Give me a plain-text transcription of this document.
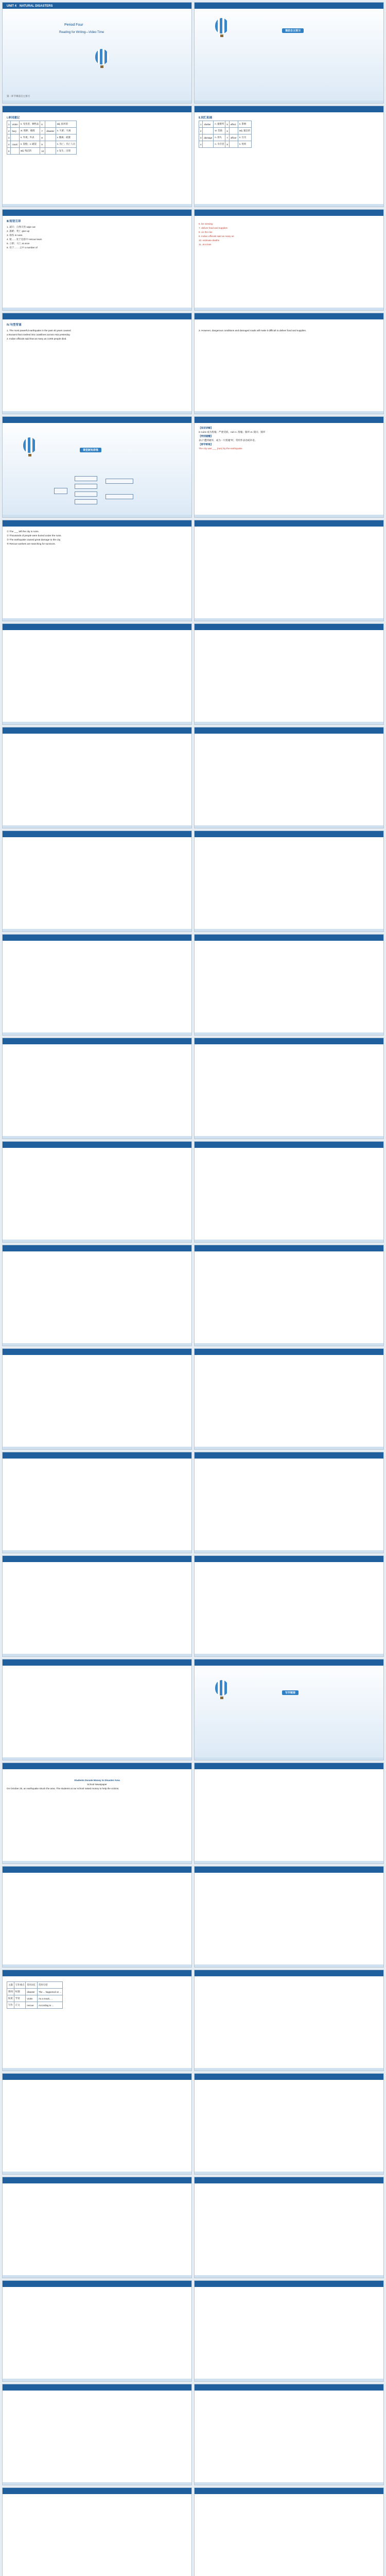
UNIT 4　NATURAL DISASTERS
Period Four
Reading for Writing—Video Time
第一环节课前自主预习
课前自主预习
Ⅰ.单词速记
1	victim	n. 受害者；牺牲品	6		adj. 损坏的
2	bury	vt. 埋葬；掩埋	7	disaster	n. 灾难；灾祸
3		n. 外观；外表	8		v. 撤离；疏散
4	crack	n. 裂缝；v. 破裂	9		n. 伤亡；伤亡人员
5		adj. 残忍的	10		v. 发生；出现
Ⅱ.词汇拓展
1	shelter	n. 避难所	5	effect	n. 影响
2		vt. 营救	6		adj. 紧急的
3	damage	n. 损失	7	officer	n. 官员
4		n. 幸存者	8		n. 组织
Ⅲ.短语互译
1. 减灾；自然灾害 wipe out
2. 遇难；死亡 give up
3. 损伤 in ruins
4. 使……处于危险中 rescue team
5. 立即；马上 at once
6. 处于…… 之中 a number of
6. be missing
7. deliver food and supplies
8. on the rise
9. Indian officials said as many as
10. estimate deaths
11. at a loss
Ⅳ.句型背诵
1. The most powerful earthquake in the past 40 years caused
a tsunami that crashed into coastlines across Asia yesterday.
2. Indian officials said that as many as 3,000 people died.
3. However, dangerous conditions and damaged roads will make it difficult to deliver food and supplies.
课堂新知讲练
【知识讲解】
in ruins 成为废墟；严重受损。ruin n. 废墟；毁坏 vt. 毁灭；毁坏
【特别提醒】
表示“遭到破坏，成为一片废墟”时，常用作表语或补语。
【即学即练】
The city was ___ (ruin) by the earthquake.
① The ___ left the city in ruins.
② Thousands of people were buried under the ruins.
③ The earthquake caused great damage to the city.
④ Rescue workers are searching for survivors.
写作链接
Students Donate Money to Disaster Area
School Newspaper
On October 25, an earthquake struck the area. The students at our school raised money to help the victims.
主题	写作要点	常用词汇	常用句型
新闻	标题	disaster	The ... happened on ...
报道	导语	victim	As a result, ...
写作	正文	rescue	According to ...
